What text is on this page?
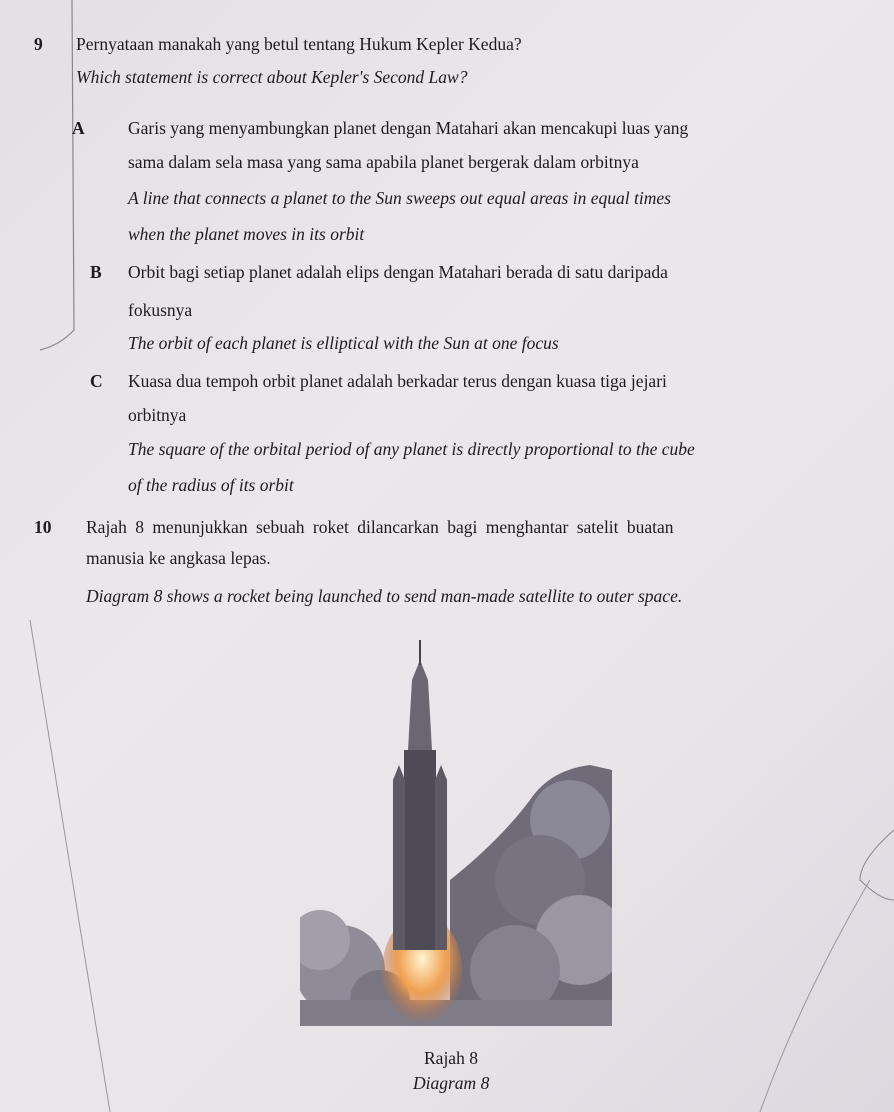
9 Pernyataan manakah yang betul tentang Hukum Kepler Kedua?
Which statement is correct about Kepler's Second Law?
A Garis yang menyambungkan planet dengan Matahari akan mencakupi luas yang
sama dalam sela masa yang sama apabila planet bergerak dalam orbitnya
A line that connects a planet to the Sun sweeps out equal areas in equal times
when the planet moves in its orbit
B Orbit bagi setiap planet adalah elips dengan Matahari berada di satu daripada
fokusnya
The orbit of each planet is elliptical with the Sun at one focus
C Kuasa dua tempoh orbit planet adalah berkadar terus dengan kuasa tiga jejari
orbitnya
The square of the orbital period of any planet is directly proportional to the cube
of the radius of its orbit
10 Rajah 8 menunjukkan sebuah roket dilancarkan bagi menghantar satelit buatan
manusia ke angkasa lepas.
Diagram 8 shows a rocket being launched to send man-made satellite to outer space.
Rajah 8
Diagram 8
